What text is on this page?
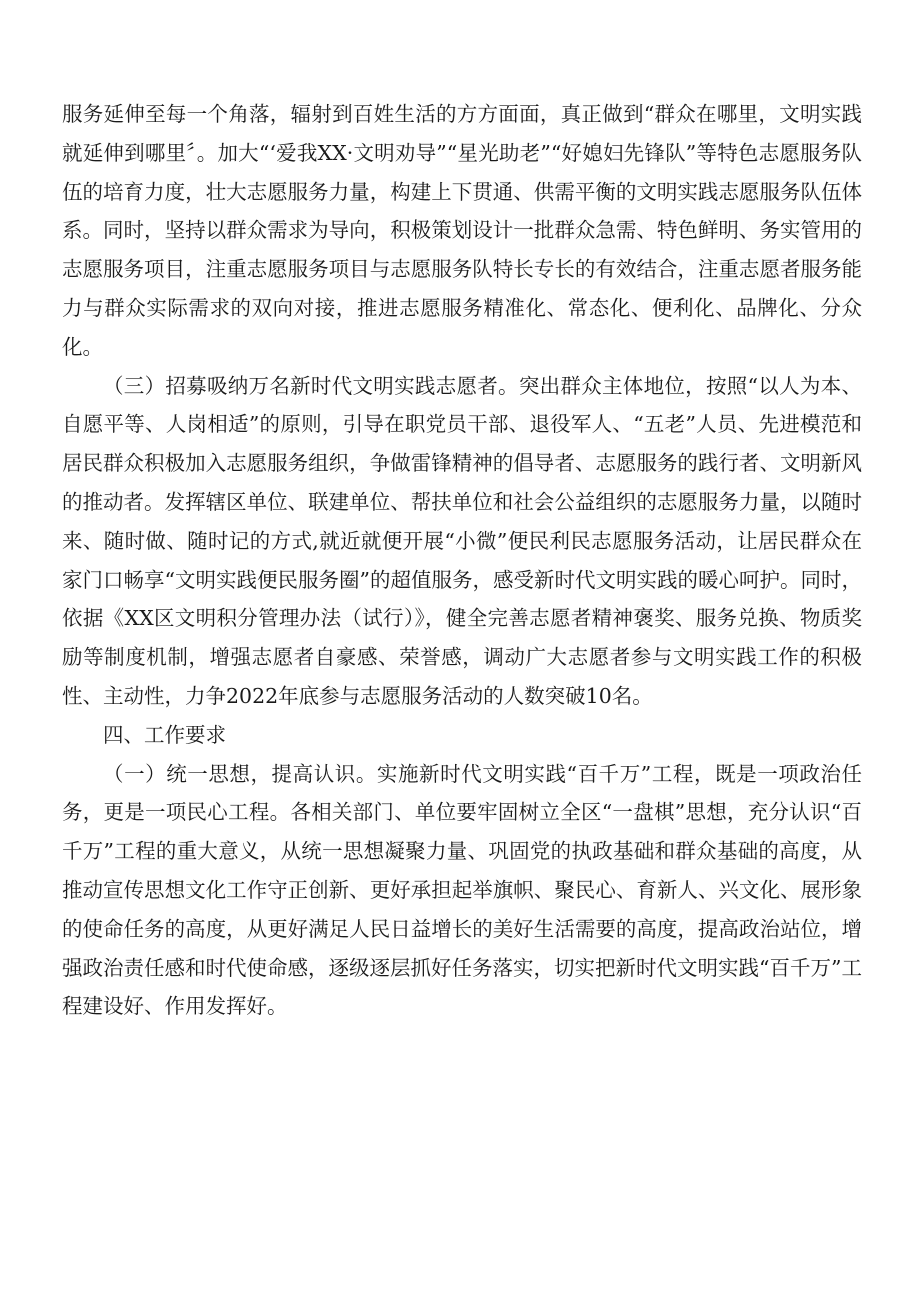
服务延伸至每一个角落，辐射到百姓生活的方方面面，真正做到“群众在哪里，文明实践就延伸到哪里〞。加大“‘爱我XX·文明劝导”“星光助老”“好媳妇先锋队”等特色志愿服务队伍的培育力度，壮大志愿服务力量，构建上下贯通、供需平衡的文明实践志愿服务队伍体系。同时，坚持以群众需求为导向，积极策划设计一批群众急需、特色鲜明、务实管用的志愿服务项目，注重志愿服务项目与志愿服务队特长专长的有效结合，注重志愿者服务能力与群众实际需求的双向对接，推进志愿服务精准化、常态化、便利化、品牌化、分众化。

（三）招募吸纳万名新时代文明实践志愿者。突出群众主体地位，按照“以人为本、自愿平等、人岗相适”的原则，引导在职党员干部、退役军人、“五老”人员、先进模范和居民群众积极加入志愿服务组织，争做雷锋精神的倡导者、志愿服务的践行者、文明新风的推动者。发挥辖区单位、联建单位、帮扶单位和社会公益组织的志愿服务力量，以随时来、随时做、随时记的方式,就近就便开展“小微”便民利民志愿服务活动，让居民群众在家门口畅享“文明实践便民服务圈”的超值服务，感受新时代文明实践的暖心呵护。同时，依据《XX区文明积分管理办法（试行）》，健全完善志愿者精神褒奖、服务兑换、物质奖励等制度机制，增强志愿者自豪感、荣誉感，调动广大志愿者参与文明实践工作的积极性、主动性，力争2022年底参与志愿服务活动的人数突破10名。

四、工作要求

（一）统一思想，提高认识。实施新时代文明实践“百千万”工程，既是一项政治任务，更是一项民心工程。各相关部门、单位要牢固树立全区“一盘棋”思想，充分认识“百千万”工程的重大意义，从统一思想凝聚力量、巩固党的执政基础和群众基础的高度，从推动宣传思想文化工作守正创新、更好承担起举旗帜、聚民心、育新人、兴文化、展形象的使命任务的高度，从更好满足人民日益增长的美好生活需要的高度，提高政治站位，增强政治责任感和时代使命感，逐级逐层抓好任务落实，切实把新时代文明实践“百千万”工程建设好、作用发挥好。
